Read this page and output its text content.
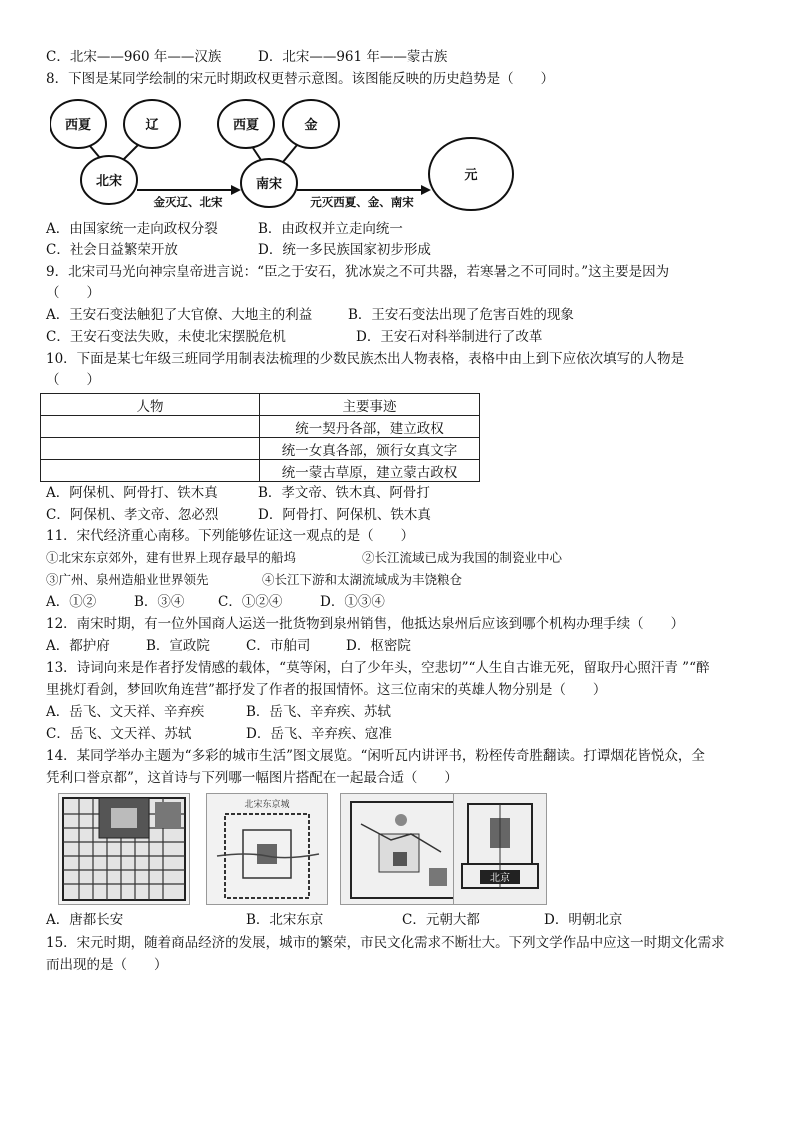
C．北宋——960 年——汉族	D．北宋——961 年——蒙古族
8．下图是某同学绘制的宋元时期政权更替示意图。该图能反映的历史趋势是（　　）
西夏	辽
北宋
西夏	金
南宋
元
金灭辽、北宋	元灭西夏、金、南宋
A．由国家统一走向政权分裂	B．由政权并立走向统一
C．社会日益繁荣开放	D．统一多民族国家初步形成
9．北宋司马光向神宗皇帝进言说：“臣之于安石，犹冰炭之不可共器，若寒暑之不可同时。”这主要是因为
（　　）
A．王安石变法触犯了大官僚、大地主的利益	B．王安石变法出现了危害百姓的现象
C．王安石变法失败，未使北宋摆脱危机	D．王安石对科举制进行了改革
10．下面是某七年级三班同学用制表法梳理的少数民族杰出人物表格，表格中由上到下应依次填写的人物是
（　　）
人物	主要事迹
	统一契丹各部，建立政权
	统一女真各部，颁行女真文字
	统一蒙古草原，建立蒙古政权
A．阿保机、阿骨打、铁木真	B．孝文帝、铁木真、阿骨打
C．阿保机、孝文帝、忽必烈	D．阿骨打、阿保机、铁木真
11．宋代经济重心南移。下列能够佐证这一观点的是（　　）
①北宋东京郊外，建有世界上现存最早的船坞	②长江流域已成为我国的制瓷业中心
③广州、泉州造船业世界领先	④长江下游和太湖流域成为丰饶粮仓
A．①②	B．③④ C．①②④	D．①③④
12．南宋时期，有一位外国商人运送一批货物到泉州销售，他抵达泉州后应该到哪个机构办理手续（　　）
A．都护府	B．宣政院	C．市舶司	D．枢密院
13．诗词向来是作者抒发情感的载体，“莫等闲，白了少年头，空悲切”“人生自古谁无死，留取丹心照汗青 ”“醉
里挑灯看剑，梦回吹角连营”都抒发了作者的报国情怀。这三位南宋的英雄人物分别是（　　）
A．岳飞、文天祥、辛弃疾	B．岳飞、辛弃疾、苏轼
C．岳飞、文天祥、苏轼	D．岳飞、辛弃疾、寇准
14．某同学举办主题为“多彩的城市生活”图文展览。“闲听瓦内讲评书，粉桎传奇胜翻读。打谭烟花皆悦众，全
凭利口誉京都”，这首诗与下列哪一幅图片搭配在一起最合适（　　）
北宋东京城
北京
A．唐都长安	B．北宋东京	C．元朝大都	D．明朝北京
15．宋元时期，随着商品经济的发展，城市的繁荣，市民文化需求不断壮大。下列文学作品中应这一时期文化需求
而出现的是（　　）
